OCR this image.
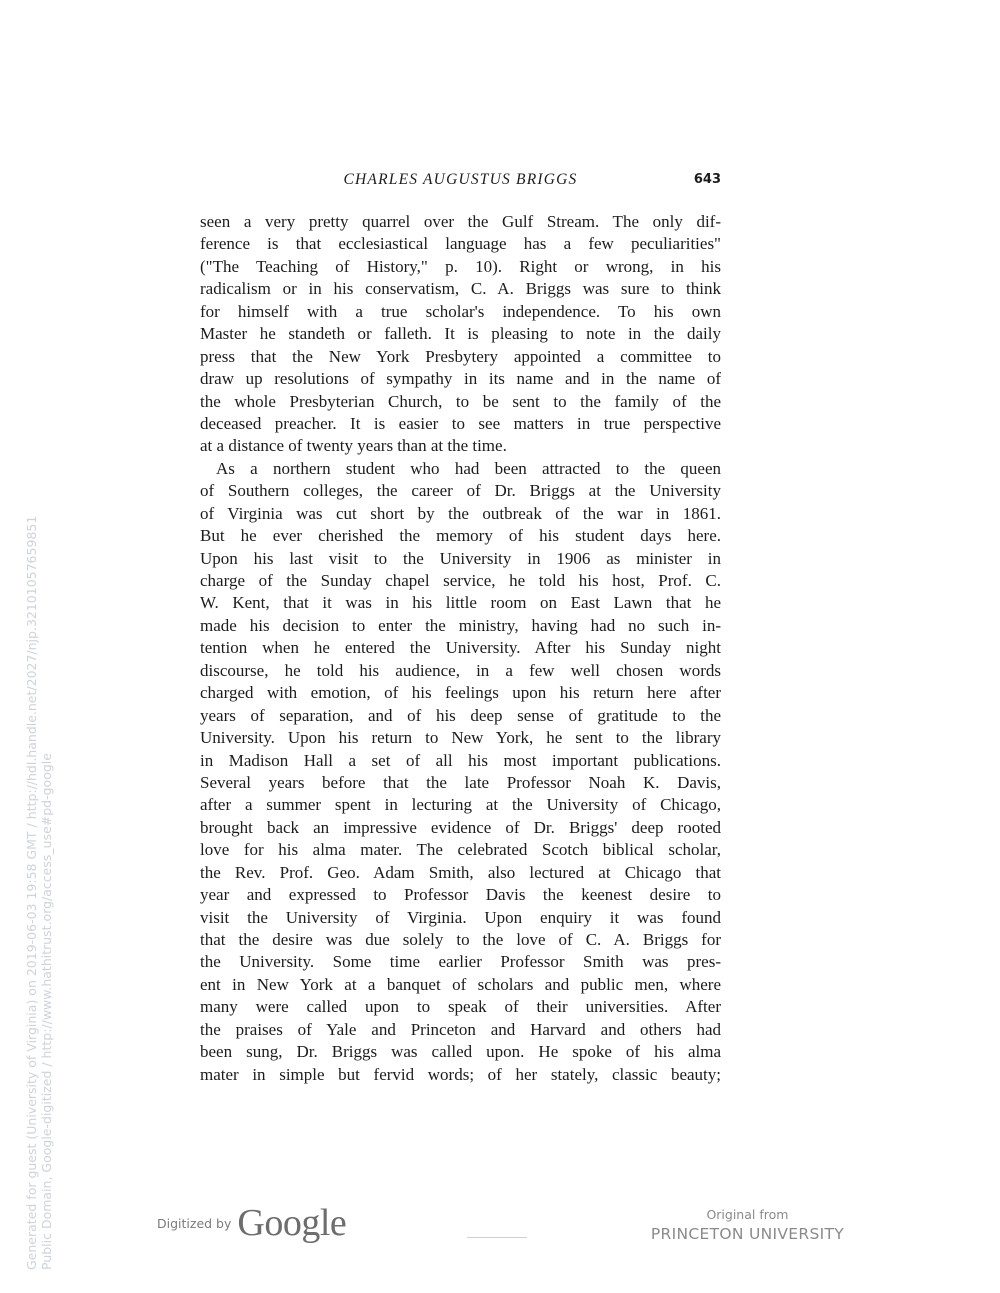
CHARLES AUGUSTUS BRIGGS	643
seen a very pretty quarrel over the Gulf Stream. The only dif-
ference is that ecclesiastical language has a few peculiarities"
("The Teaching of History," p. 10). Right or wrong, in his
radicalism or in his conservatism, C. A. Briggs was sure to think
for himself with a true scholar's independence. To his own
Master he standeth or falleth. It is pleasing to note in the daily
press that the New York Presbytery appointed a committee to
draw up resolutions of sympathy in its name and in the name of
the whole Presbyterian Church, to be sent to the family of the
deceased preacher. It is easier to see matters in true perspective
at a distance of twenty years than at the time.
As a northern student who had been attracted to the queen
of Southern colleges, the career of Dr. Briggs at the University
of Virginia was cut short by the outbreak of the war in 1861.
But he ever cherished the memory of his student days here.
Upon his last visit to the University in 1906 as minister in
charge of the Sunday chapel service, he told his host, Prof. C.
W. Kent, that it was in his little room on East Lawn that he
made his decision to enter the ministry, having had no such in-
tention when he entered the University. After his Sunday night
discourse, he told his audience, in a few well chosen words
charged with emotion, of his feelings upon his return here after
years of separation, and of his deep sense of gratitude to the
University. Upon his return to New York, he sent to the library
in Madison Hall a set of all his most important publications.
Several years before that the late Professor Noah K. Davis,
after a summer spent in lecturing at the University of Chicago,
brought back an impressive evidence of Dr. Briggs' deep rooted
love for his alma mater. The celebrated Scotch biblical scholar,
the Rev. Prof. Geo. Adam Smith, also lectured at Chicago that
year and expressed to Professor Davis the keenest desire to
visit the University of Virginia. Upon enquiry it was found
that the desire was due solely to the love of C. A. Briggs for
the University. Some time earlier Professor Smith was pres-
ent in New York at a banquet of scholars and public men, where
many were called upon to speak of their universities. After
the praises of Yale and Princeton and Harvard and others had
been sung, Dr. Briggs was called upon. He spoke of his alma
mater in simple but fervid words; of her stately, classic beauty;
Generated for guest (University of Virginia) on 2019-06-03 19:58 GMT / http://hdl.handle.net/2027/njp.32101057659851 Public Domain, Google-digitized / http://www.hathitrust.org/access_use#pd-google	Digitized by Google	Original from
PRINCETON UNIVERSITY
